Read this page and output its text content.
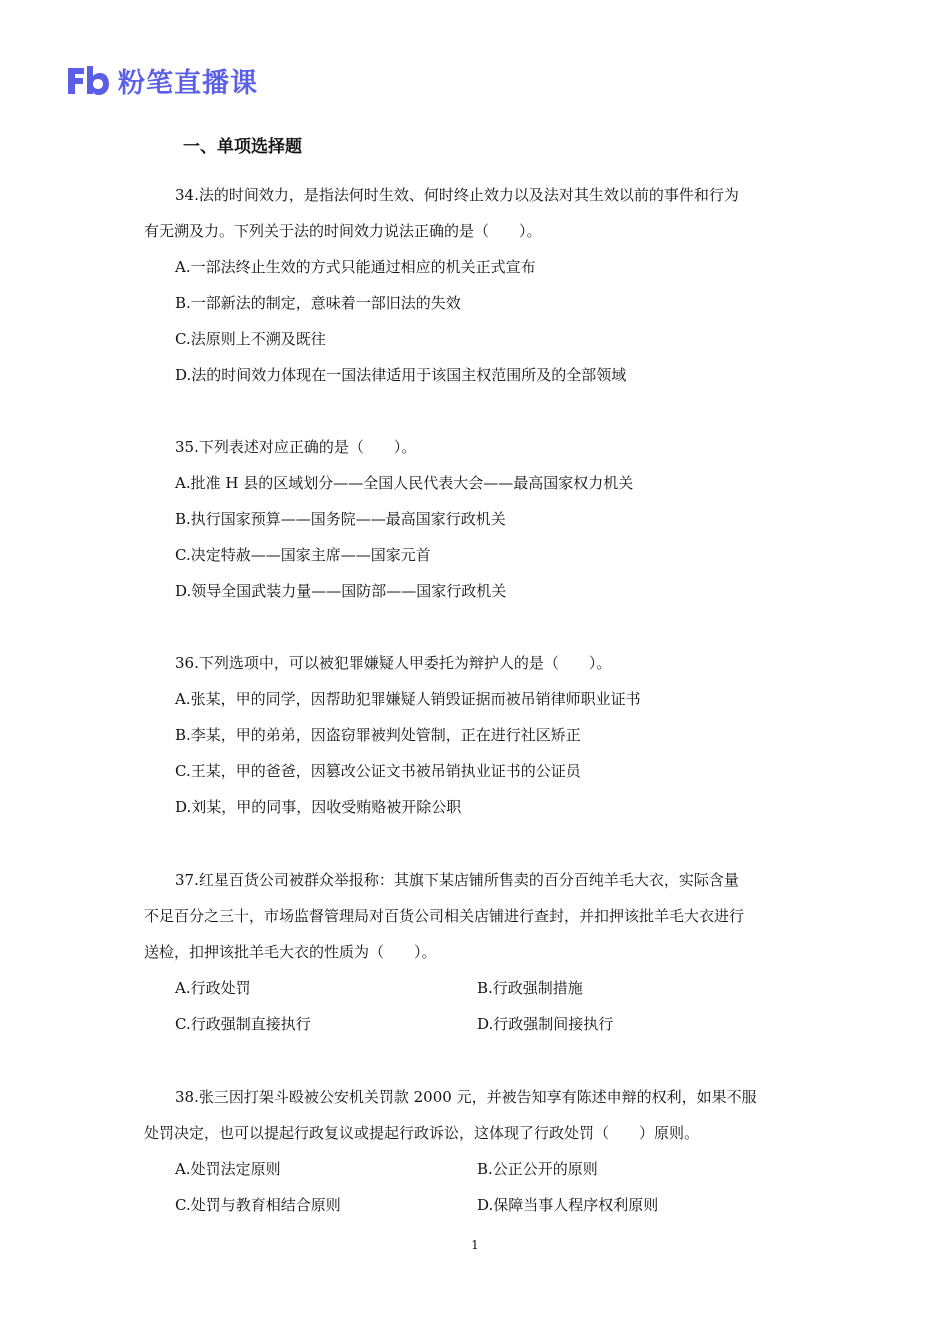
粉笔直播课
一、单项选择题
34.法的时间效力，是指法何时生效、何时终止效力以及法对其生效以前的事件和行为
有无溯及力。下列关于法的时间效力说法正确的是（　　）。
A.一部法终止生效的方式只能通过相应的机关正式宣布
B.一部新法的制定，意味着一部旧法的失效
C.法原则上不溯及既往
D.法的时间效力体现在一国法律适用于该国主权范围所及的全部领域
35.下列表述对应正确的是（　　）。
A.批准 H 县的区域划分——全国人民代表大会——最高国家权力机关
B.执行国家预算——国务院——最高国家行政机关
C.决定特赦——国家主席——国家元首
D.领导全国武装力量——国防部——国家行政机关
36.下列选项中，可以被犯罪嫌疑人甲委托为辩护人的是（　　）。
A.张某，甲的同学，因帮助犯罪嫌疑人销毁证据而被吊销律师职业证书
B.李某，甲的弟弟，因盗窃罪被判处管制，正在进行社区矫正
C.王某，甲的爸爸，因篡改公证文书被吊销执业证书的公证员
D.刘某，甲的同事，因收受贿赂被开除公职
37.红星百货公司被群众举报称：其旗下某店铺所售卖的百分百纯羊毛大衣，实际含量
不足百分之三十，市场监督管理局对百货公司相关店铺进行查封，并扣押该批羊毛大衣进行
送检，扣押该批羊毛大衣的性质为（　　）。
A.行政处罚	B.行政强制措施
C.行政强制直接执行	D.行政强制间接执行
38.张三因打架斗殴被公安机关罚款 2000 元，并被告知享有陈述申辩的权利，如果不服
处罚决定，也可以提起行政复议或提起行政诉讼，这体现了行政处罚（　　）原则。
A.处罚法定原则	B.公正公开的原则
C.处罚与教育相结合原则	D.保障当事人程序权利原则
1
